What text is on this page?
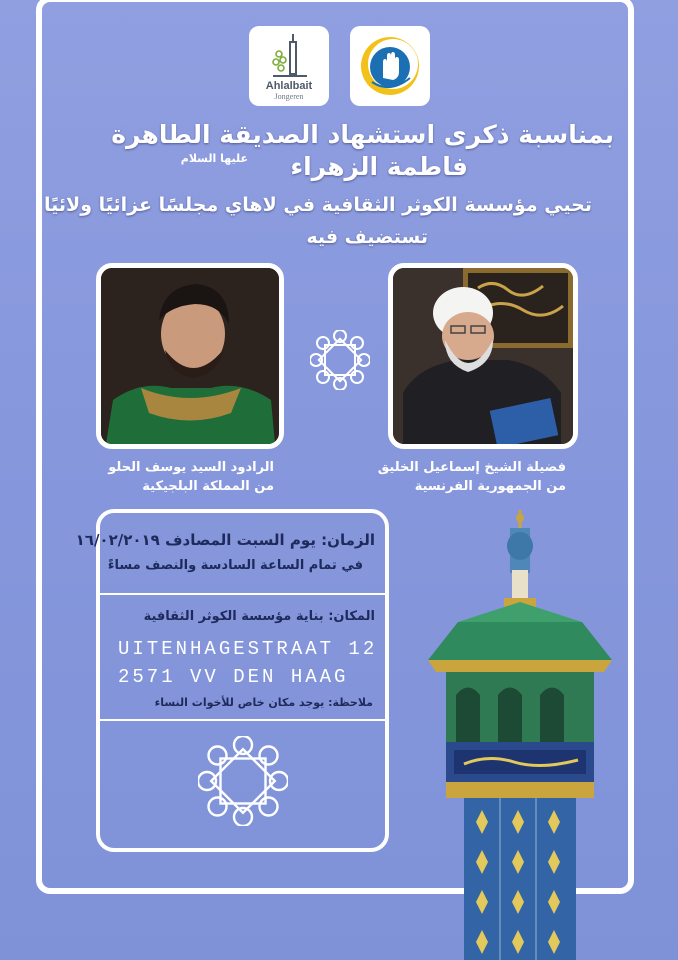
Ahlalbait
Jongeren
بمناسبة ذكرى استشهاد الصديقة الطاهرة
فاطمة الزهراء
عليها السلام
تحيي مؤسسة الكوثر الثقافية في لاهاي مجلسًا عزائيًا ولائيًا
تستضيف فيه
فضيلة الشيخ إسماعيل الخليق
من الجمهورية الفرنسية
الرادود السيد يوسف الحلو
من المملكة البلجيكية
الزمان: يوم السبت المصادف ١٦/٠٢/٢٠١٩
في تمام الساعة السادسة والنصف مساءً
المكان: بناية مؤسسة الكوثر الثقافية
UITENHAGESTRAAT 12
2571 VV DEN HAAG
ملاحظة: يوجد مكان خاص للأخوات النساء
